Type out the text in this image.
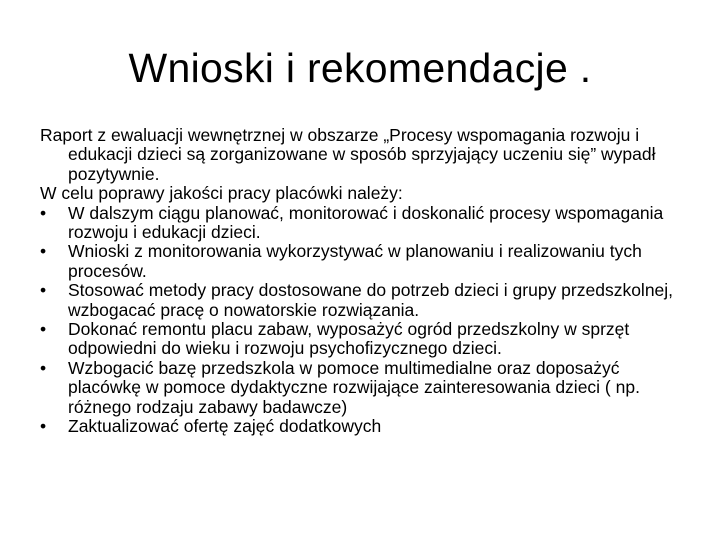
Wnioski i rekomendacje .

Raport z ewaluacji wewnętrznej w obszarze „Procesy wspomagania rozwoju i edukacji dzieci są zorganizowane w sposób sprzyjający uczeniu się” wypadł pozytywnie.

W celu poprawy jakości pracy placówki należy:

•	W dalszym ciągu planować, monitorować i doskonalić procesy wspomagania rozwoju i edukacji dzieci.
•	Wnioski z monitorowania wykorzystywać w planowaniu i realizowaniu tych procesów.
•	Stosować metody pracy dostosowane do potrzeb dzieci i grupy przedszkolnej, wzbogacać pracę o nowatorskie rozwiązania.
•	Dokonać remontu placu zabaw, wyposażyć ogród przedszkolny w sprzęt odpowiedni do wieku i rozwoju psychofizycznego dzieci.
•	Wzbogacić bazę przedszkola w pomoce multimedialne oraz doposażyć placówkę w pomoce dydaktyczne rozwijające zainteresowania dzieci ( np. różnego rodzaju zabawy badawcze)
•	Zaktualizować ofertę zajęć dodatkowych
